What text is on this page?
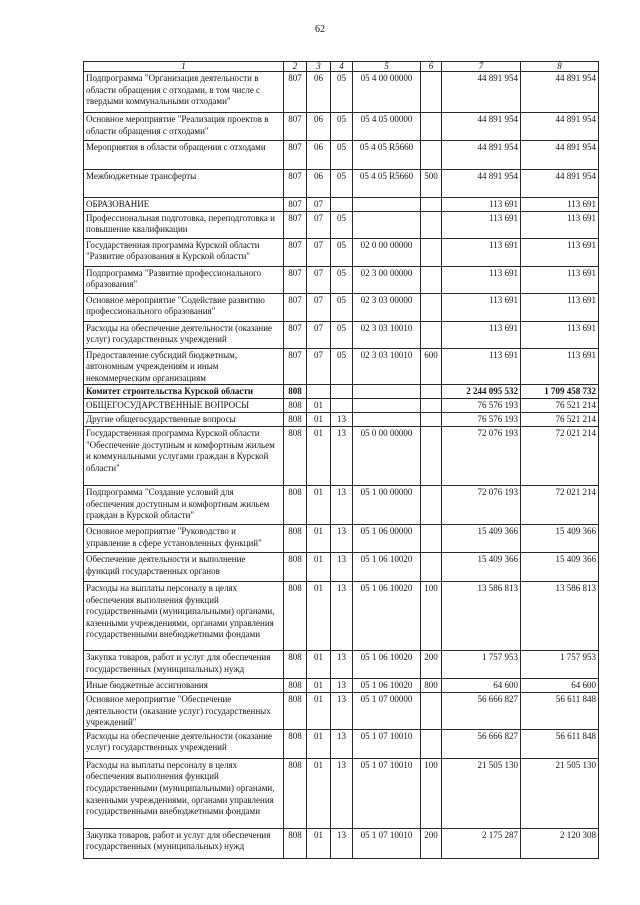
62
1	2	3	4	5	6	7	8
Подпрограмма "Организация деятельности в области обращения с отходами, в том числе с твердыми коммунальными отходами"	807	06	05	05 4 00 00000		44 891 954	44 891 954
Основное мероприятие "Реализация проектов в области обращения с отходами"	807	06	05	05 4 05 00000		44 891 954	44 891 954
Мероприятия в области обращения с отходами	807	06	05	05 4 05 R5660		44 891 954	44 891 954
Межбюджетные трансферты	807	06	05	05 4 05 R5660	500	44 891 954	44 891 954
ОБРАЗОВАНИЕ	807	07				113 691	113 691
Профессиональная подготовка, переподготовка и повышение квалификации	807	07	05			113 691	113 691
Государственная программа Курской области "Развитие образования в Курской области"	807	07	05	02 0 00 00000		113 691	113 691
Подпрограмма "Развитие профессионального образования"	807	07	05	02 3 00 00000		113 691	113 691
Основное мероприятие "Содействие развитию профессионального образования"	807	07	05	02 3 03 00000		113 691	113 691
Расходы на обеспечение деятельности (оказание услуг) государственных учреждений	807	07	05	02 3 03 10010		113 691	113 691
Предоставление субсидий бюджетным, автономным учреждениям и иным некоммерческим организациям	807	07	05	02 3 03 10010	600	113 691	113 691
Комитет строительства Курской области	808					2 244 095 532	1 709 458 732
ОБЩЕГОСУДАРСТВЕННЫЕ ВОПРОСЫ	808	01				76 576 193	76 521 214
Другие общегосударственные вопросы	808	01	13			76 576 193	76 521 214
Государственная программа Курской области "Обеспечение доступным и комфортным жильем и коммунальными услугами граждан в Курской области"	808	01	13	05 0 00 00000		72 076 193	72 021 214
Подпрограмма "Создание условий для обеспечения доступным и комфортным жильем граждан в Курской области"	808	01	13	05 1 00 00000		72 076 193	72 021 214
Основное мероприятие "Руководство и управление в сфере установленных функций"	808	01	13	05 1 06 00000		15 409 366	15 409 366
Обеспечение деятельности и выполнение функций государственных органов	808	01	13	05 1 06 10020		15 409 366	15 409 366
Расходы на выплаты персоналу в целях обеспечения выполнения функций государственными (муниципальными) органами, казенными учреждениями, органами управления государственными внебюджетными фондами	808	01	13	05 1 06 10020	100	13 586 813	13 586 813
Закупка товаров, работ и услуг для обеспечения государственных (муниципальных) нужд	808	01	13	05 1 06 10020	200	1 757 953	1 757 953
Иные бюджетные ассигнования	808	01	13	05 1 06 10020	800	64 600	64 600
Основное мероприятие "Обеспечение деятельности (оказание услуг) государственных учреждений"	808	01	13	05 1 07 00000		56 666 827	56 611 848
Расходы на обеспечение деятельности (оказание услуг) государственных учреждений	808	01	13	05 1 07 10010		56 666 827	56 611 848
Расходы на выплаты персоналу в целях обеспечения выполнения функций государственными (муниципальными) органами, казенными учреждениями, органами управления государственными внебюджетными фондами	808	01	13	05 1 07 10010	100	21 505 130	21 505 130
Закупка товаров, работ и услуг для обеспечения государственных (муниципальных) нужд	808	01	13	05 1 07 10010	200	2 175 287	2 120 308
